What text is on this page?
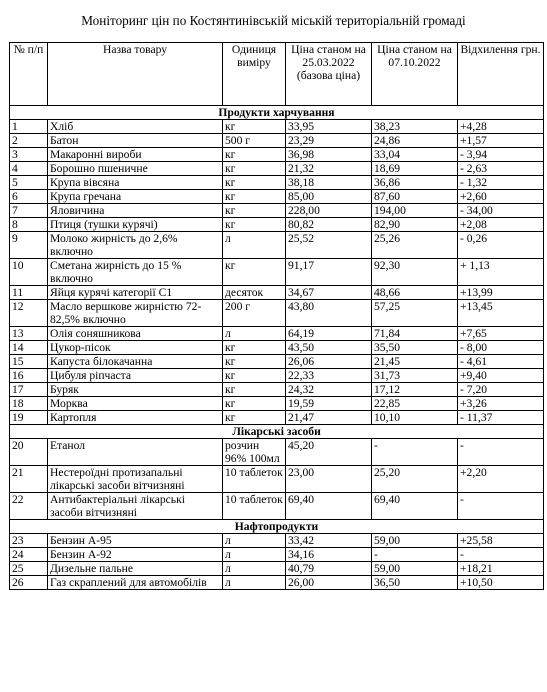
Моніторинг цін по Костянтинівській міській територіальній громаді
№ п/п	Назва товару	Одиниця виміру	Ціна станом на 25.03.2022 (базова ціна)	Ціна станом на 07.10.2022	Відхилення грн.
Продукти харчування					
1	Хліб	кг	33,95	38,23	+4,28
2	Батон	500 г	23,29	24,86	+1,57
3	Макаронні вироби	кг	36,98	33,04	- 3,94
4	Борошно пшеничне	кг	21,32	18,69	- 2,63
5	Крупа вівсяна	кг	38,18	36,86	- 1,32
6	Крупа гречана	кг	85,00	87,60	+2,60
7	Яловичина	кг	228,00	194,00	- 34,00
8	Птиця (тушки курячі)	кг	80,82	82,90	+2,08
9	Молоко жирність до 2,6% включно	л	25,52	25,26	- 0,26
10	Сметана жирність до 15 % включно	кг	91,17	92,30	+ 1,13
11	Яйця курячі категорії С1	десяток	34,67	48,66	+13,99
12	Масло вершкове жирністю 72-82,5% включно	200 г	43,80	57,25	+13,45
13	Олія соняшникова	л	64,19	71,84	+7,65
14	Цукор-пісок	кг	43,50	35,50	- 8,00
15	Капуста білокачанна	кг	26,06	21,45	- 4,61
16	Цибуля ріпчаста	кг	22,33	31,73	+9,40
17	Буряк	кг	24,32	17,12	- 7,20
18	Морква	кг	19,59	22,85	+3,26
19	Картопля	кг	21,47	10,10	- 11,37
Лікарські засоби					
20	Етанол	розчин 96% 100мл	45,20	-	-
21	Нестероїдні протизапальні лікарські засоби вітчизняні	10 таблеток	23,00	25,20	+2,20
22	Антибактеріальні лікарські засоби вітчизняні	10 таблеток	69,40	69,40	-
Нафтопродукти					
23	Бензин А-95	л	33,42	59,00	+25,58
24	Бензин А-92	л	34,16	-	-
25	Дизельне пальне	л	40,79	59,00	+18,21
26	Газ скраплений для автомобілів	л	26,00	36,50	+10,50
